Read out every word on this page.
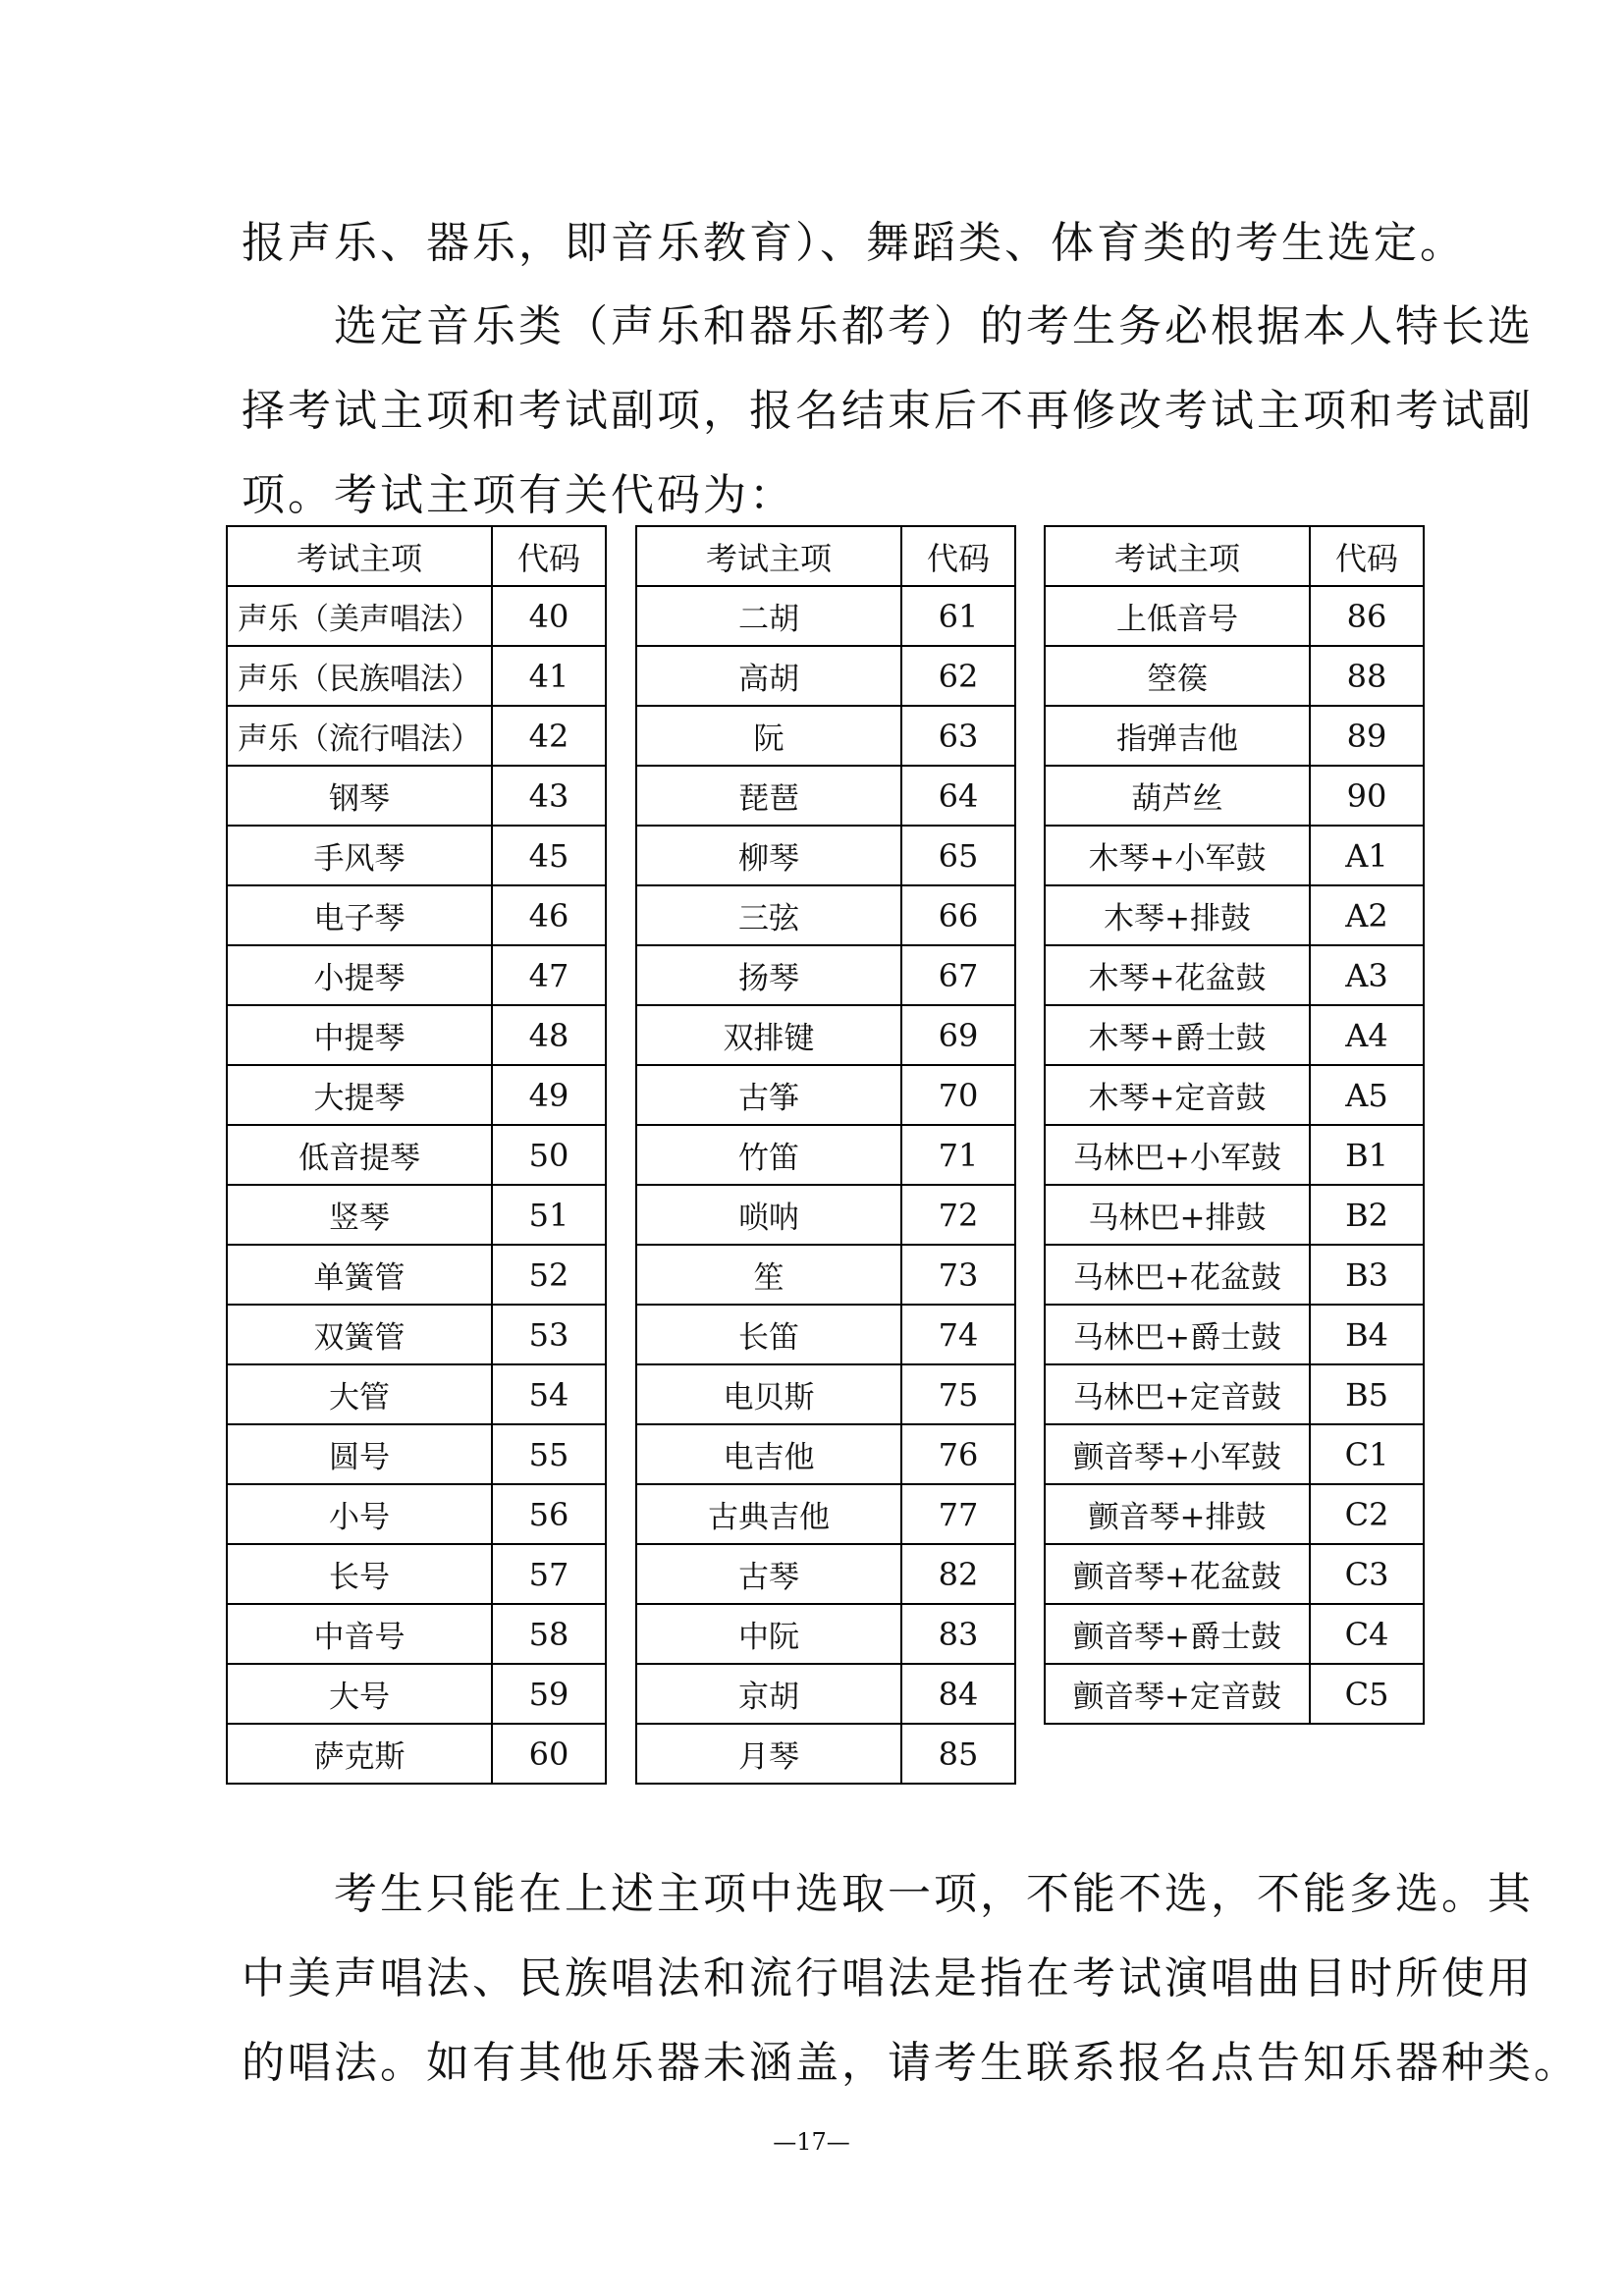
报声乐、器乐，即音乐教育）、舞蹈类、体育类的考生选定。
　　选定音乐类（声乐和器乐都考）的考生务必根据本人特长选
择考试主项和考试副项，报名结束后不再修改考试主项和考试副
项。考试主项有关代码为：
考试主项	代码
声乐（美声唱法）	40
声乐（民族唱法）	41
声乐（流行唱法）	42
钢琴	43
手风琴	45
电子琴	46
小提琴	47
中提琴	48
大提琴	49
低音提琴	50
竖琴	51
单簧管	52
双簧管	53
大管	54
圆号	55
小号	56
长号	57
中音号	58
大号	59
萨克斯	60
考试主项	代码
二胡	61
高胡	62
阮	63
琵琶	64
柳琴	65
三弦	66
扬琴	67
双排键	69
古筝	70
竹笛	71
唢呐	72
笙	73
长笛	74
电贝斯	75
电吉他	76
古典吉他	77
古琴	82
中阮	83
京胡	84
月琴	85
考试主项	代码
上低音号	86
箜篌	88
指弹吉他	89
葫芦丝	90
木琴+小军鼓	A1
木琴+排鼓	A2
木琴+花盆鼓	A3
木琴+爵士鼓	A4
木琴+定音鼓	A5
马林巴+小军鼓	B1
马林巴+排鼓	B2
马林巴+花盆鼓	B3
马林巴+爵士鼓	B4
马林巴+定音鼓	B5
颤音琴+小军鼓	C1
颤音琴+排鼓	C2
颤音琴+花盆鼓	C3
颤音琴+爵士鼓	C4
颤音琴+定音鼓	C5
　　考生只能在上述主项中选取一项，不能不选，不能多选。其
中美声唱法、民族唱法和流行唱法是指在考试演唱曲目时所使用
的唱法。如有其他乐器未涵盖，请考生联系报名点告知乐器种类。
—17—
